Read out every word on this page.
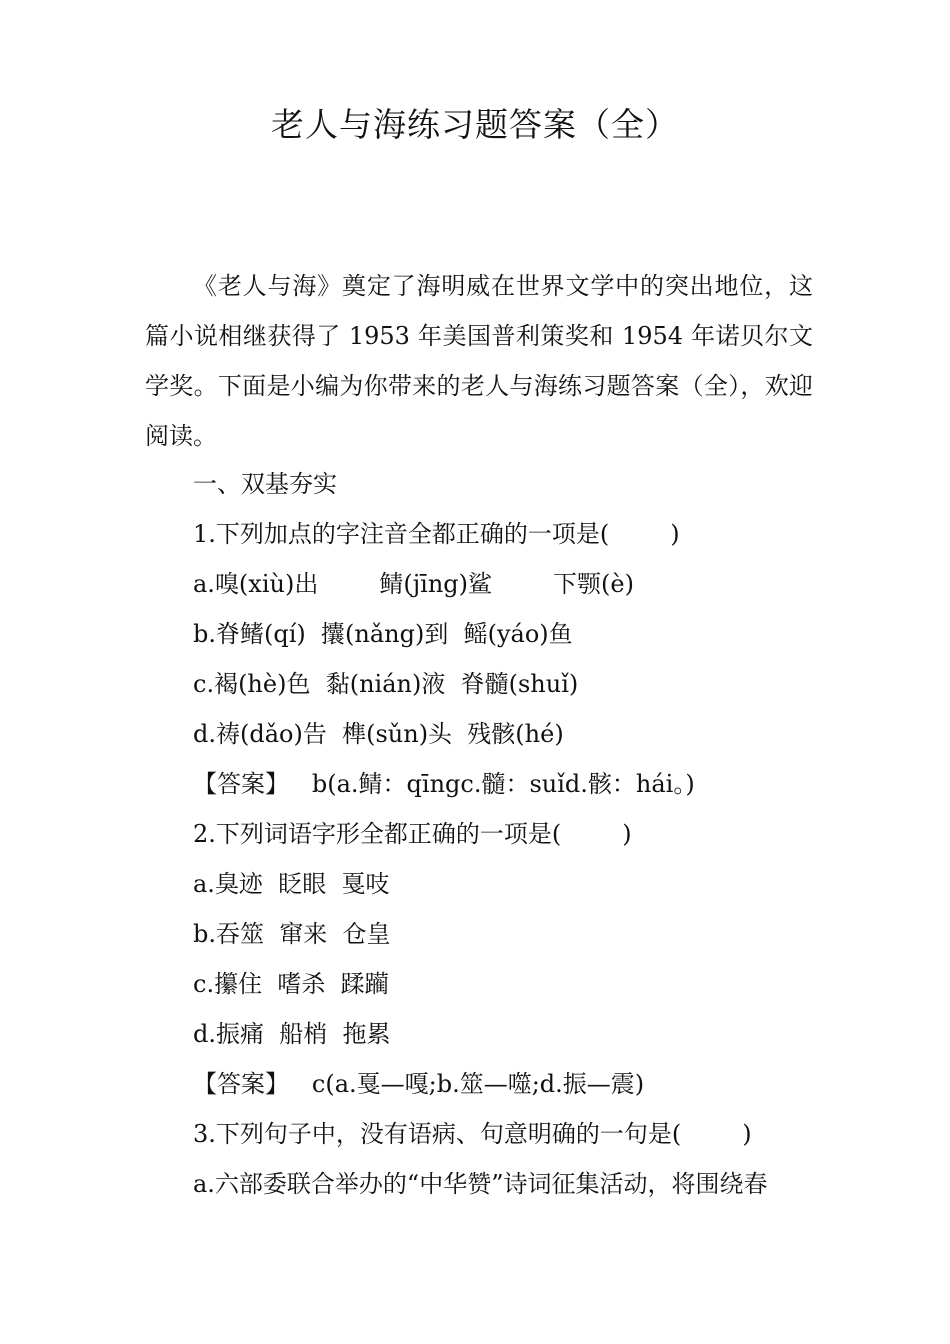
老人与海练习题答案（全）

《老人与海》奠定了海明威在世界文学中的突出地位，这篇小说相继获得了 1953 年美国普利策奖和 1954 年诺贝尔文学奖。下面是小编为你带来的老人与海练习题答案（全），欢迎阅读。

一、双基夯实
1.下列加点的字注音全都正确的一项是(        )
a.嗅(xiù)出        鲭(jīng)鲨        下颚(è)
b.脊鳍(qí)  攮(nǎng)到  鳐(yáo)鱼
c.褐(hè)色  黏(nián)液  脊髓(shuǐ)
d.祷(dǎo)告  榫(sǔn)头  残骸(hé)
【答案】   b(a.鲭：qīngc.髓：suǐd.骸：hái。)
2.下列词语字形全都正确的一项是(        )
a.臭迹  眨眼  戛吱
b.吞筮  窜来  仓皇
c.攥住  嗜杀  蹂躏
d.振痛  船梢  拖累
【答案】   c(a.戛—嘎;b.筮—噬;d.振—震)
3.下列句子中，没有语病、句意明确的一句是(        )
a.六部委联合举办的“中华赞”诗词征集活动，将围绕春
